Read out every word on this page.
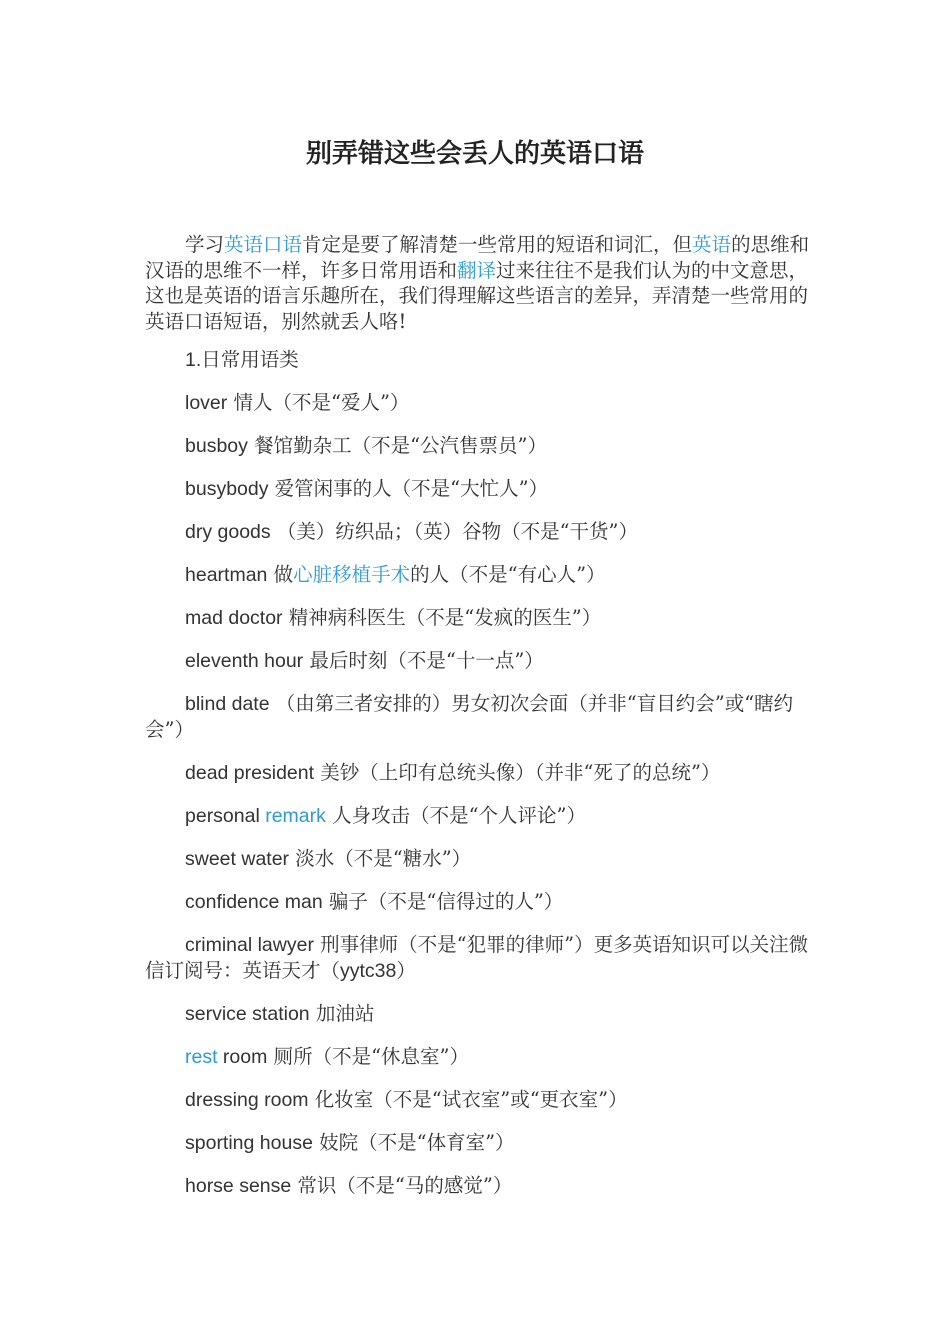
别弄错这些会丢人的英语口语

学习英语口语肯定是要了解清楚一些常用的短语和词汇，但英语的思维和汉语的思维不一样，许多日常用语和翻译过来往往不是我们认为的中文意思，这也是英语的语言乐趣所在，我们得理解这些语言的差异，弄清楚一些常用的英语口语短语，别然就丢人咯!

1.日常用语类

lover 情人（不是“爱人”）

busboy 餐馆勤杂工（不是“公汽售票员”）

busybody 爱管闲事的人（不是“大忙人”）

dry goods （美）纺织品；（英）谷物（不是“干货”）

heartman 做心脏移植手术的人（不是“有心人”）

mad doctor 精神病科医生（不是“发疯的医生”）

eleventh hour 最后时刻（不是“十一点”）

blind date （由第三者安排的）男女初次会面（并非“盲目约会”或“瞎约会”）

dead president 美钞（上印有总统头像）（并非“死了的总统”）

personal remark 人身攻击（不是“个人评论”）

sweet water 淡水（不是“糖水”）

confidence man 骗子（不是“信得过的人”）

criminal lawyer 刑事律师（不是“犯罪的律师”）更多英语知识可以关注微信订阅号：英语天才（yytc38）

service station 加油站

rest room 厕所（不是“休息室”）

dressing room 化妆室（不是“试衣室”或“更衣室”）

sporting house 妓院（不是“体育室”）

horse sense 常识（不是“马的感觉”）
